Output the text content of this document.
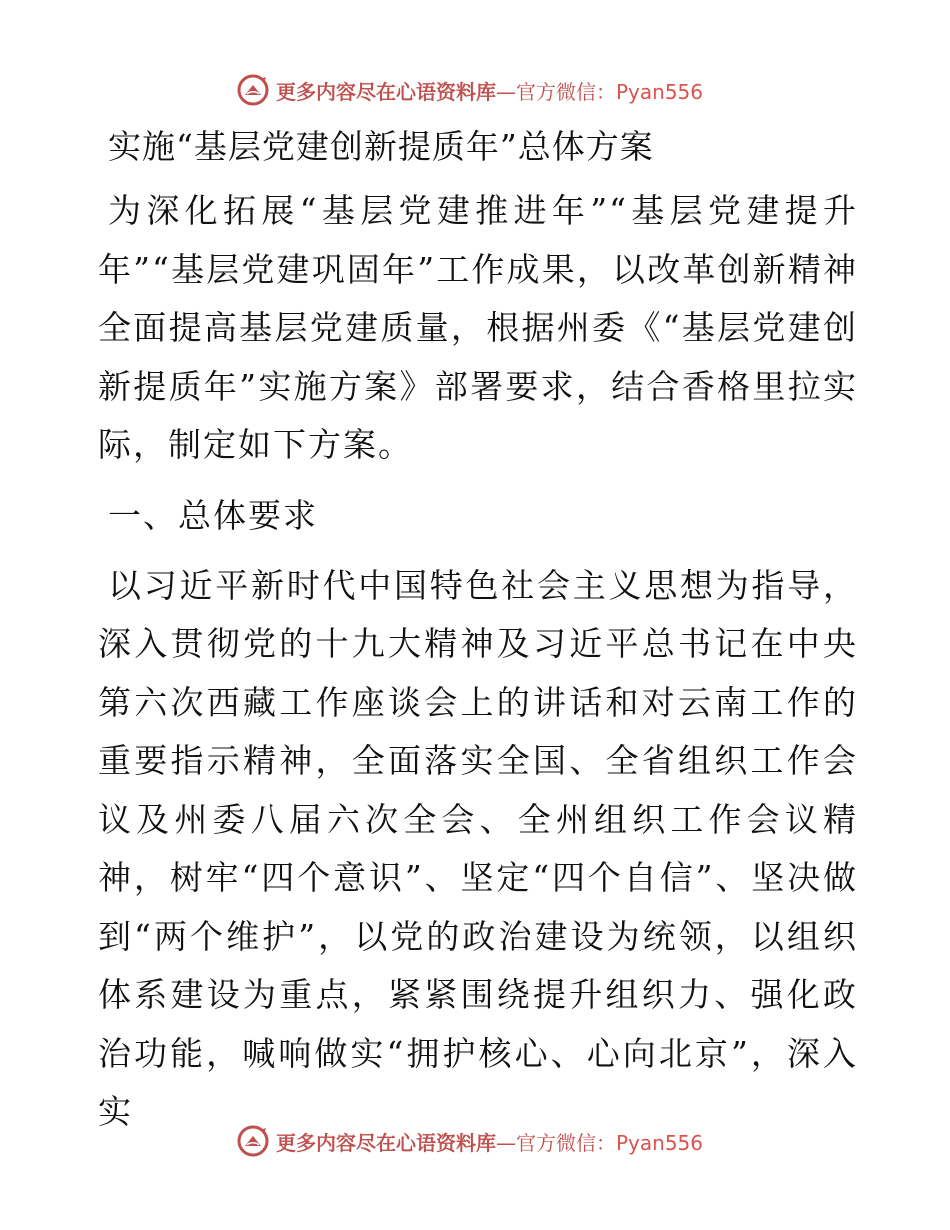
更多内容尽在心语资料库—官方微信：Pyan556
实施“基层党建创新提质年”总体方案

为深化拓展“基层党建推进年”“基层党建提升年”“基层党建巩固年”工作成果，以改革创新精神全面提高基层党建质量，根据州委《“基层党建创新提质年”实施方案》部署要求，结合香格里拉实际，制定如下方案。

一、总体要求

以习近平新时代中国特色社会主义思想为指导，深入贯彻党的十九大精神及习近平总书记在中央第六次西藏工作座谈会上的讲话和对云南工作的重要指示精神，全面落实全国、全省组织工作会议及州委八届六次全会、全州组织工作会议精神，树牢“四个意识”、坚定“四个自信”、坚决做到“两个维护”，以党的政治建设为统领，以组织体系建设为重点，紧紧围绕提升组织力、强化政治功能，喊响做实“拥护核心、心向北京”，深入实

更多内容尽在心语资料库—官方微信：Pyan556
